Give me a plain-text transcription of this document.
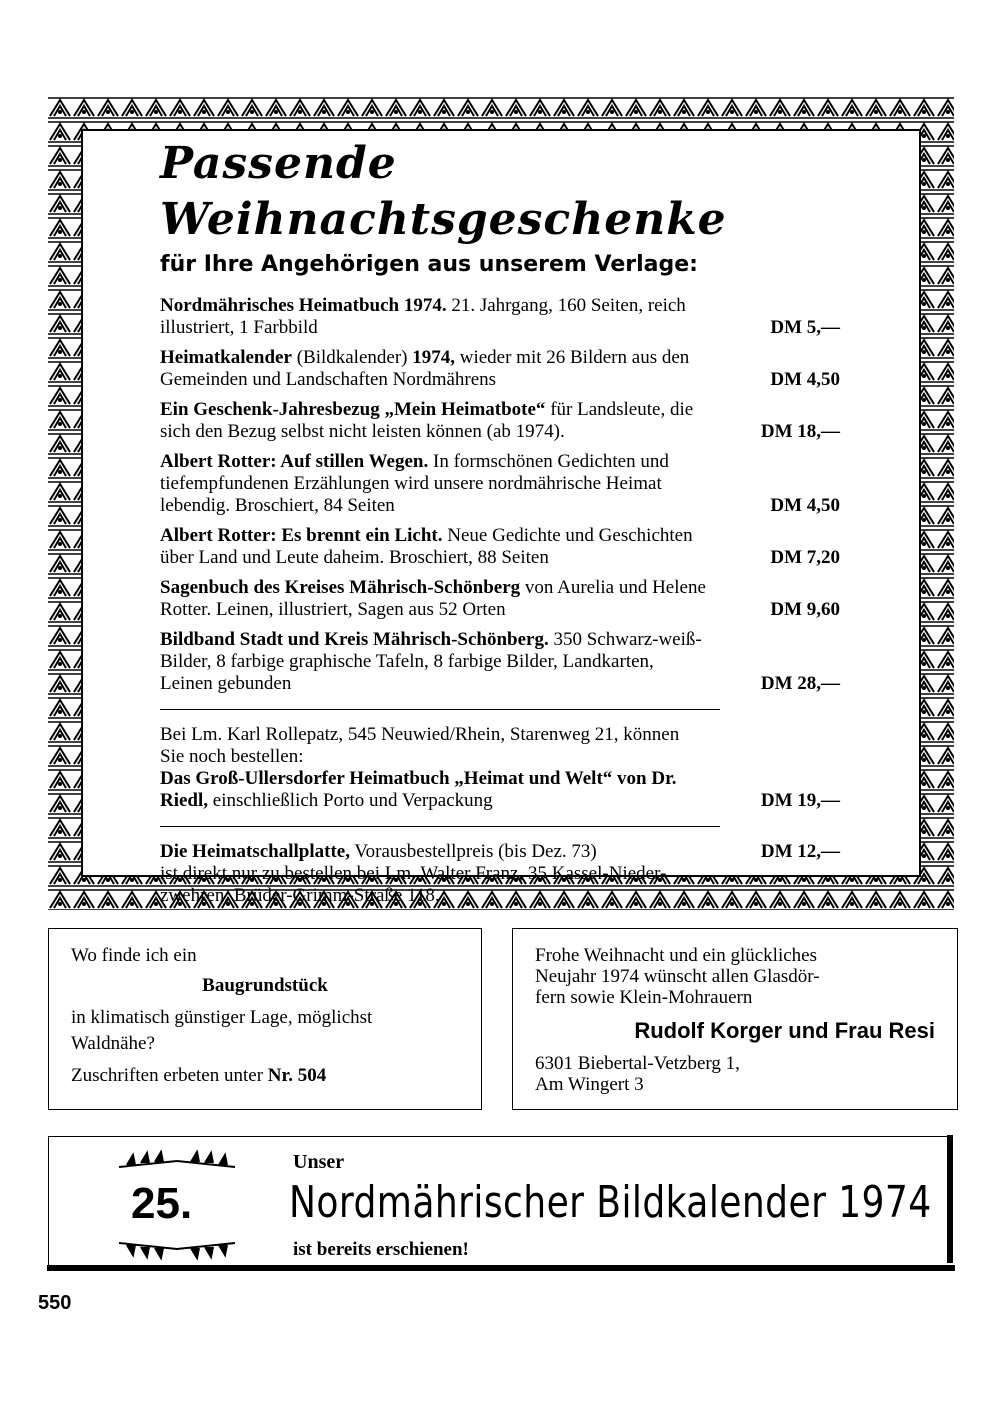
Passende Weihnachtsgeschenke
für Ihre Angehörigen aus unserem Verlage:
Nordmährisches Heimatbuch 1974. 21. Jahrgang, 160 Seiten, reich
illustriert, 1 Farbbild	DM 5,—
Heimatkalender (Bildkalender) 1974, wieder mit 26 Bildern aus den
Gemeinden und Landschaften Nordmährens	DM 4,50
Ein Geschenk-Jahresbezug „Mein Heimatbote“ für Landsleute, die
sich den Bezug selbst nicht leisten können (ab 1974).	DM 18,—
Albert Rotter: Auf stillen Wegen. In formschönen Gedichten und
tiefempfundenen Erzählungen wird unsere nordmährische Heimat
lebendig. Broschiert, 84 Seiten	DM 4,50
Albert Rotter: Es brennt ein Licht. Neue Gedichte und Geschichten
über Land und Leute daheim. Broschiert, 88 Seiten	DM 7,20
Sagenbuch des Kreises Mährisch-Schönberg von Aurelia und Helene
Rotter. Leinen, illustriert, Sagen aus 52 Orten	DM 9,60
Bildband Stadt und Kreis Mährisch-Schönberg. 350 Schwarz-weiß-
Bilder, 8 farbige graphische Tafeln, 8 farbige Bilder, Landkarten,
Leinen gebunden	DM 28,—
Bei Lm. Karl Rollepatz, 545 Neuwied/Rhein, Starenweg 21, können
Sie noch bestellen:
Das Groß-Ullersdorfer Heimatbuch „Heimat und Welt“ von Dr.
Riedl, einschließlich Porto und Verpackung	DM 19,—
Die Heimatschallplatte, Vorausbestellpreis (bis Dez. 73)	DM 12,—
ist direkt nur zu bestellen bei Lm. Walter Franz, 35 Kassel-Nieder-
zwehren, Brüder-Grimm-Straße 118.
Wo finde ich ein
Baugrundstück
in klimatisch günstiger Lage, möglichst
Waldnähe?
Zuschriften erbeten unter Nr. 504
Frohe Weihnacht und ein glückliches
Neujahr 1974 wünscht allen Glasdör-
fern sowie Klein-Mohrauern
Rudolf Korger und Frau Resi
6301 Biebertal-Vetzberg 1,
Am Wingert 3
25.
Unser
Nordmährischer Bildkalender 1974
ist bereits erschienen!
550
